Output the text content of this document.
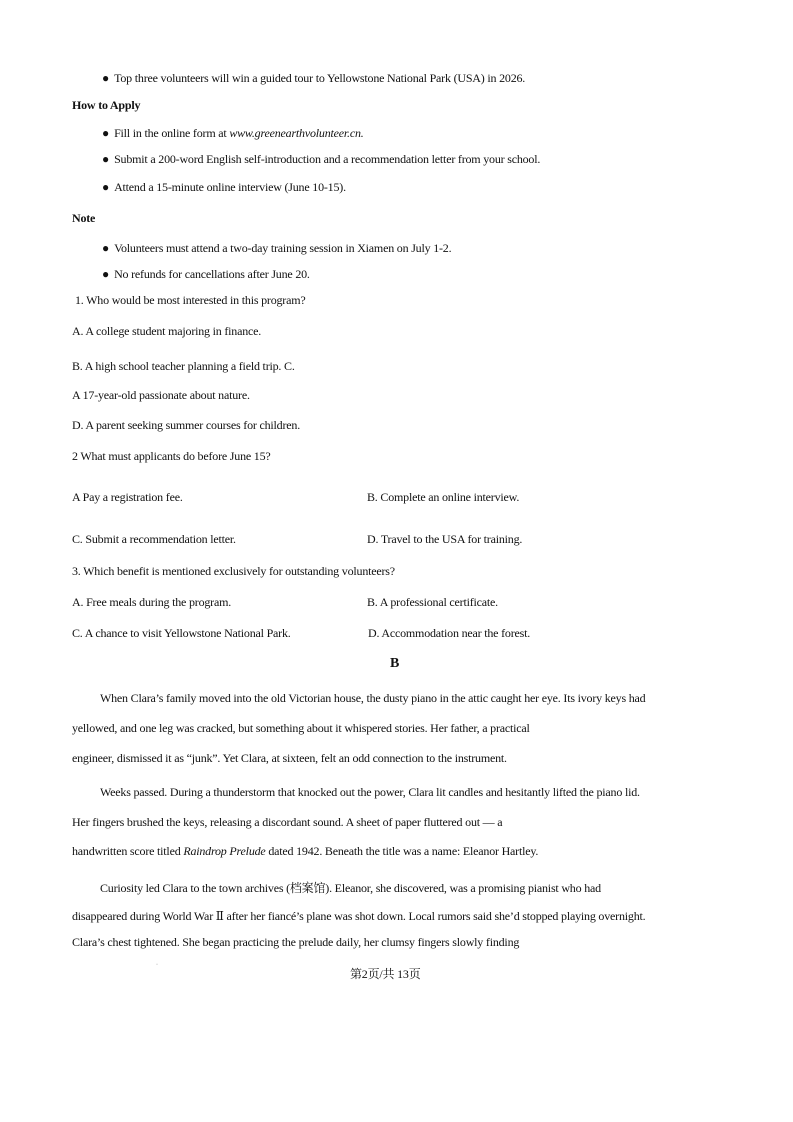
● Top three volunteers will win a guided tour to Yellowstone National Park (USA) in 2026.
How to Apply
● Fill in the online form at www.greenearthvolunteer.cn.
● Submit a 200-word English self-introduction and a recommendation letter from your school.
● Attend a 15-minute online interview (June 10-15).
Note
● Volunteers must attend a two-day training session in Xiamen on July 1-2.
● No refunds for cancellations after June 20.
1. Who would be most interested in this program?
A. A college student majoring in finance.
B. A high school teacher planning a field trip. C.
A 17-year-old passionate about nature.
D. A parent seeking summer courses for children.
2 What must applicants do before June 15?
A Pay a registration fee.	B. Complete an online interview.
C. Submit a recommendation letter.	D. Travel to the USA for training.
3. Which benefit is mentioned exclusively for outstanding volunteers?
A. Free meals during the program.	B. A professional certificate.
C. A chance to visit Yellowstone National Park.	D. Accommodation near the forest.
B
When Clara’s family moved into the old Victorian house, the dusty piano in the attic caught her eye. Its ivory keys had
yellowed, and one leg was cracked, but something about it whispered stories. Her father, a practical
engineer, dismissed it as “junk”. Yet Clara, at sixteen, felt an odd connection to the instrument.
Weeks passed. During a thunderstorm that knocked out the power, Clara lit candles and hesitantly lifted the piano lid.
Her fingers brushed the keys, releasing a discordant sound. A sheet of paper fluttered out — a
handwritten score titled Raindrop Prelude dated 1942. Beneath the title was a name: Eleanor Hartley.
Curiosity led Clara to the town archives (档案馆). Eleanor, she discovered, was a promising pianist who had
disappeared during World War Ⅱ after her fiancé’s plane was shot down. Local rumors said she’d stopped playing overnight.
Clara’s chest tightened. She began practicing the prelude daily, her clumsy fingers slowly finding
·
第2页/共 13页
